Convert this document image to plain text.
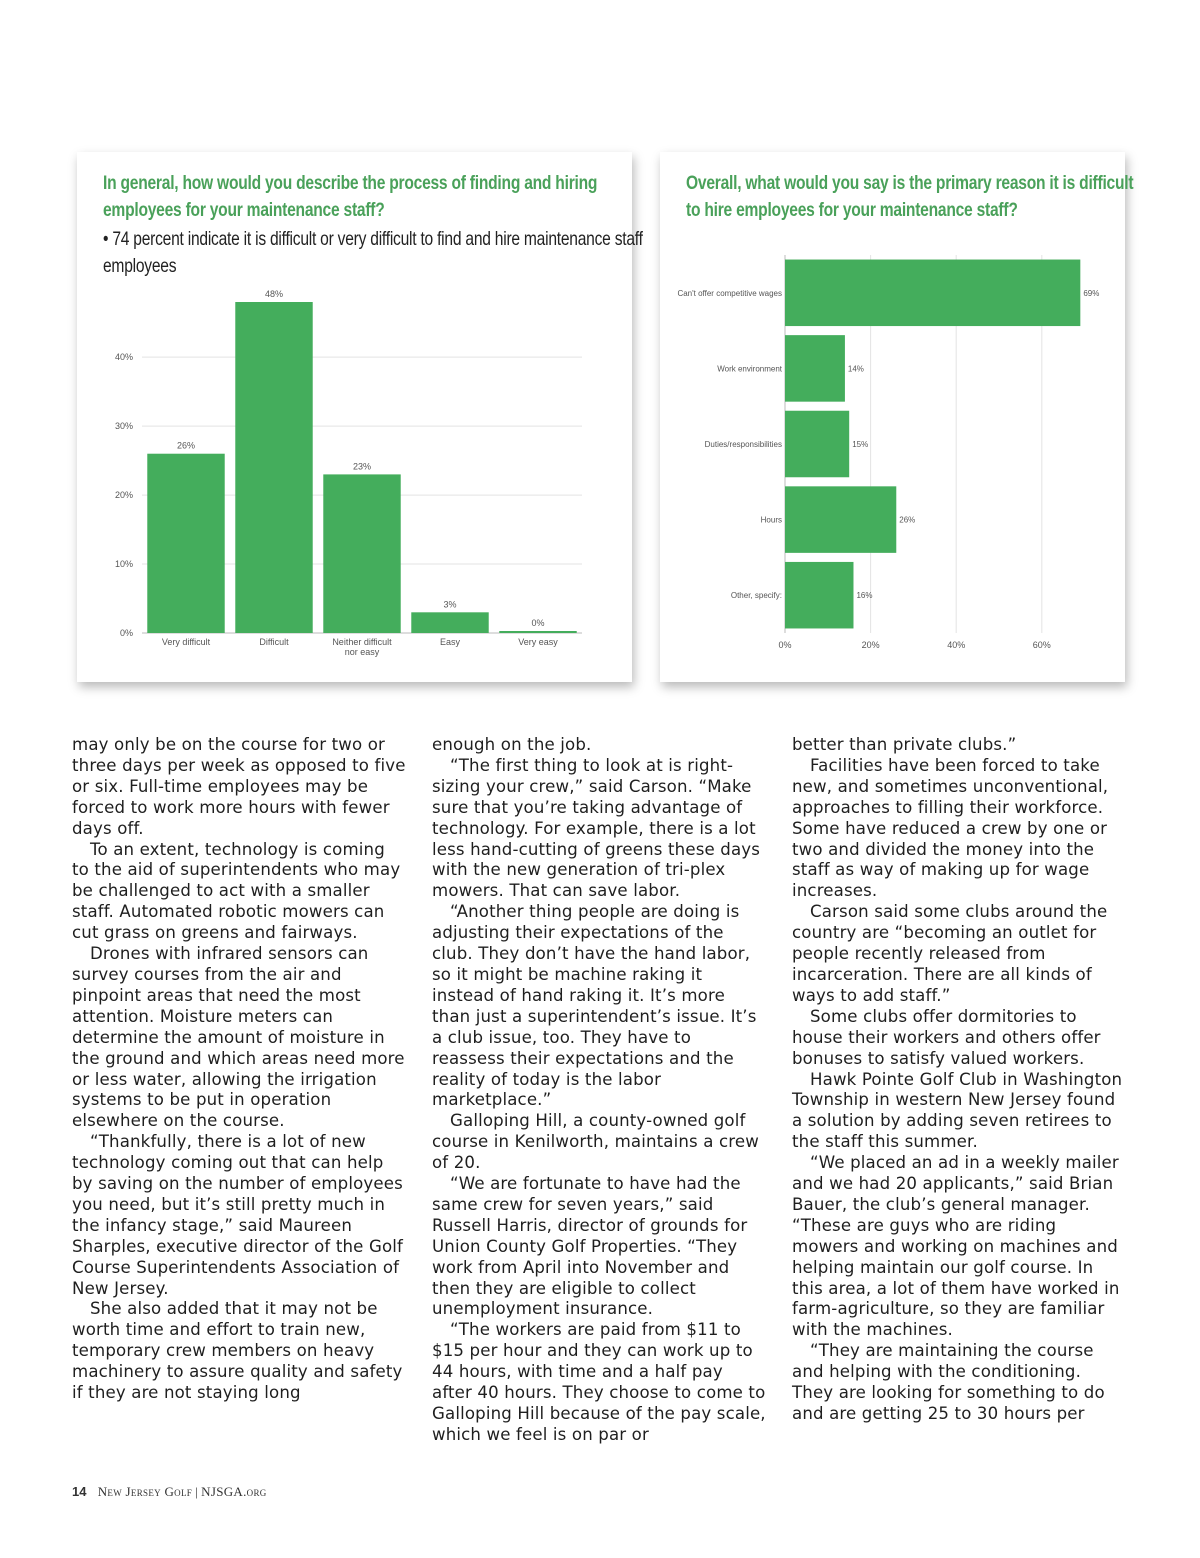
In general, how would you describe the process of finding and hiring employees for your maintenance staff?
• 74 percent indicate it is difficult or very difficult to find and hire maintenance staff employees
0%
10%
20%
30%
40%
26%
Very difficult
48%
Difficult
23%
Neither difficult
nor easy
3%
Easy
0%
Very easy
Overall, what would you say is the primary reason it is difficult to hire employees for your maintenance staff?
0%	20%	40%	60%
69%
Can't offer competitive wages
14%
Work environment
15%
Duties/responsibilities
26%
Hours
16%
Other, specify:

may only be on the course for two or three days per week as opposed to five or six. Full-time employees may be forced to work more hours with fewer days off.

To an extent, technology is coming to the aid of superintendents who may be challenged to act with a smaller staff. Automated robotic mowers can cut grass on greens and fairways.

Drones with infrared sensors can survey courses from the air and pinpoint areas that need the most attention. Moisture meters can determine the amount of moisture in the ground and which areas need more or less water, allowing the irrigation systems to be put in operation elsewhere on the course.

“Thankfully, there is a lot of new technology coming out that can help by saving on the number of employees you need, but it’s still pretty much in the infancy stage,” said Maureen Sharples, executive director of the Golf Course Superintendents Association of New Jersey.

She also added that it may not be worth time and effort to train new, temporary crew members on heavy machinery to assure quality and safety if they are not staying long

enough on the job.

“The first thing to look at is right-sizing your crew,” said Carson. “Make sure that you’re taking advantage of technology. For example, there is a lot less hand-cutting of greens these days with the new generation of tri-plex mowers. That can save labor.

“Another thing people are doing is adjusting their expectations of the club. They don’t have the hand labor, so it might be machine raking it instead of hand raking it. It’s more than just a superintendent’s issue. It’s a club issue, too. They have to reassess their expectations and the reality of today is the labor marketplace.”

Galloping Hill, a county-owned golf course in Kenilworth, maintains a crew of 20.

“We are fortunate to have had the same crew for seven years,” said Russell Harris, director of grounds for Union County Golf Properties. “They work from April into November and then they are eligible to collect unemployment insurance.

“The workers are paid from $11 to $15 per hour and they can work up to 44 hours, with time and a half pay after 40 hours. They choose to come to Galloping Hill because of the pay scale, which we feel is on par or

better than private clubs.”

Facilities have been forced to take new, and sometimes unconventional, approaches to filling their workforce. Some have reduced a crew by one or two and divided the money into the staff as way of making up for wage increases.

Carson said some clubs around the country are “becoming an outlet for people recently released from incarceration. There are all kinds of ways to add staff.”

Some clubs offer dormitories to house their workers and others offer bonuses to satisfy valued workers.

Hawk Pointe Golf Club in Washington Township in western New Jersey found a solution by adding seven retirees to the staff this summer.

“We placed an ad in a weekly mailer and we had 20 applicants,” said Brian Bauer, the club’s general manager. “These are guys who are riding mowers and working on machines and helping maintain our golf course. In this area, a lot of them have worked in farm-agriculture, so they are familiar with the machines.

“They are maintaining the course and helping with the conditioning. They are looking for something to do and are getting 25 to 30 hours per

14 New Jersey Golf | NJSGA.org
